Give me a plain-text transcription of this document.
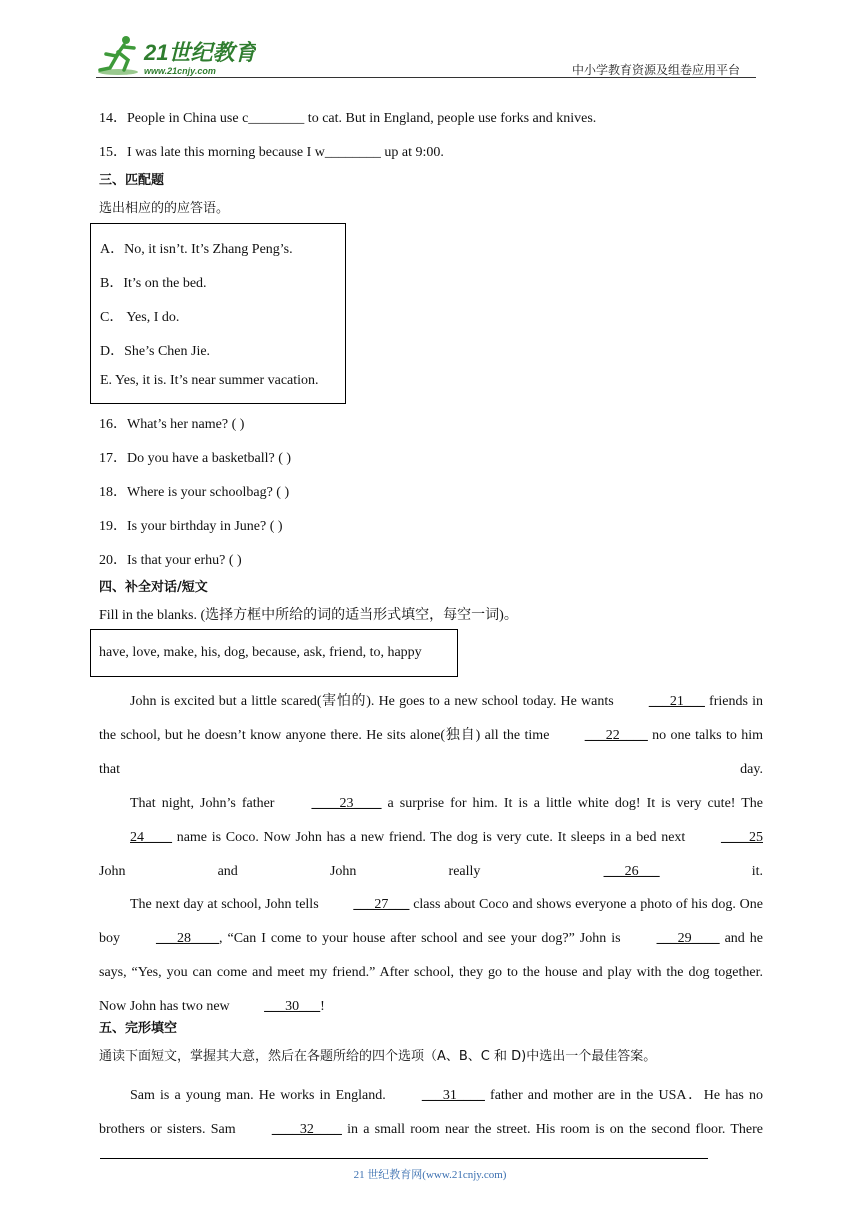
21世纪教育
www.21cnjy.com	中小学教育资源及组卷应用平台
14．People in China use c________ to cat. But in England, people use forks and knives.
15．I was late this morning because I w________ up at 9:00.
三、匹配题
选出相应的的应答语。
A．No, it isn’t. It’s Zhang Peng’s.
B．It’s on the bed.
C． Yes, I do.
D．She’s Chen Jie.
E. Yes, it is. It’s near summer vacation.
16．What’s her name? ( )
17．Do you have a basketball? ( )
18．Where is your schoolbag? ( )
19．Is your birthday in June? ( )
20．Is that your erhu? ( )
四、补全对话/短文
Fill in the blanks. (选择方框中所给的词的适当形式填空，每空一词)。
have, love, make, his, dog, because, ask, friend, to, happy
John is excited but a little scared(害怕的). He goes to a new school today. He wants ___21___ friends in the school, but he doesn’t know anyone there. He sits alone(独自) all the time ___22____ no one talks to him that day.
That night, John’s father ____23____ a surprise for him. It is a little white dog! It is very cute! The 24____ name is Coco. Now John has a new friend. The dog is very cute. It sleeps in a bed next ____25 John and John really ___26___ it.
The next day at school, John tells ___27___ class about Coco and shows everyone a photo of his dog. One boy ___28____, “Can I come to your house after school and see your dog?” John is ___29____ and he says, “Yes, you can come and meet my friend.” After school, they go to the house and play with the dog together. Now John has two new ___30___!
五、完形填空
通读下面短文，掌握其大意，然后在各题所给的四个选项（A、B、C 和 D)中选出一个最佳答案。
Sam is a young man. He works in England. ___31____ father and mother are in the USA．He has no brothers or sisters. Sam ____32____ in a small room near the street. His room is on the second floor. There
21 世纪教育网(www.21cnjy.com)
